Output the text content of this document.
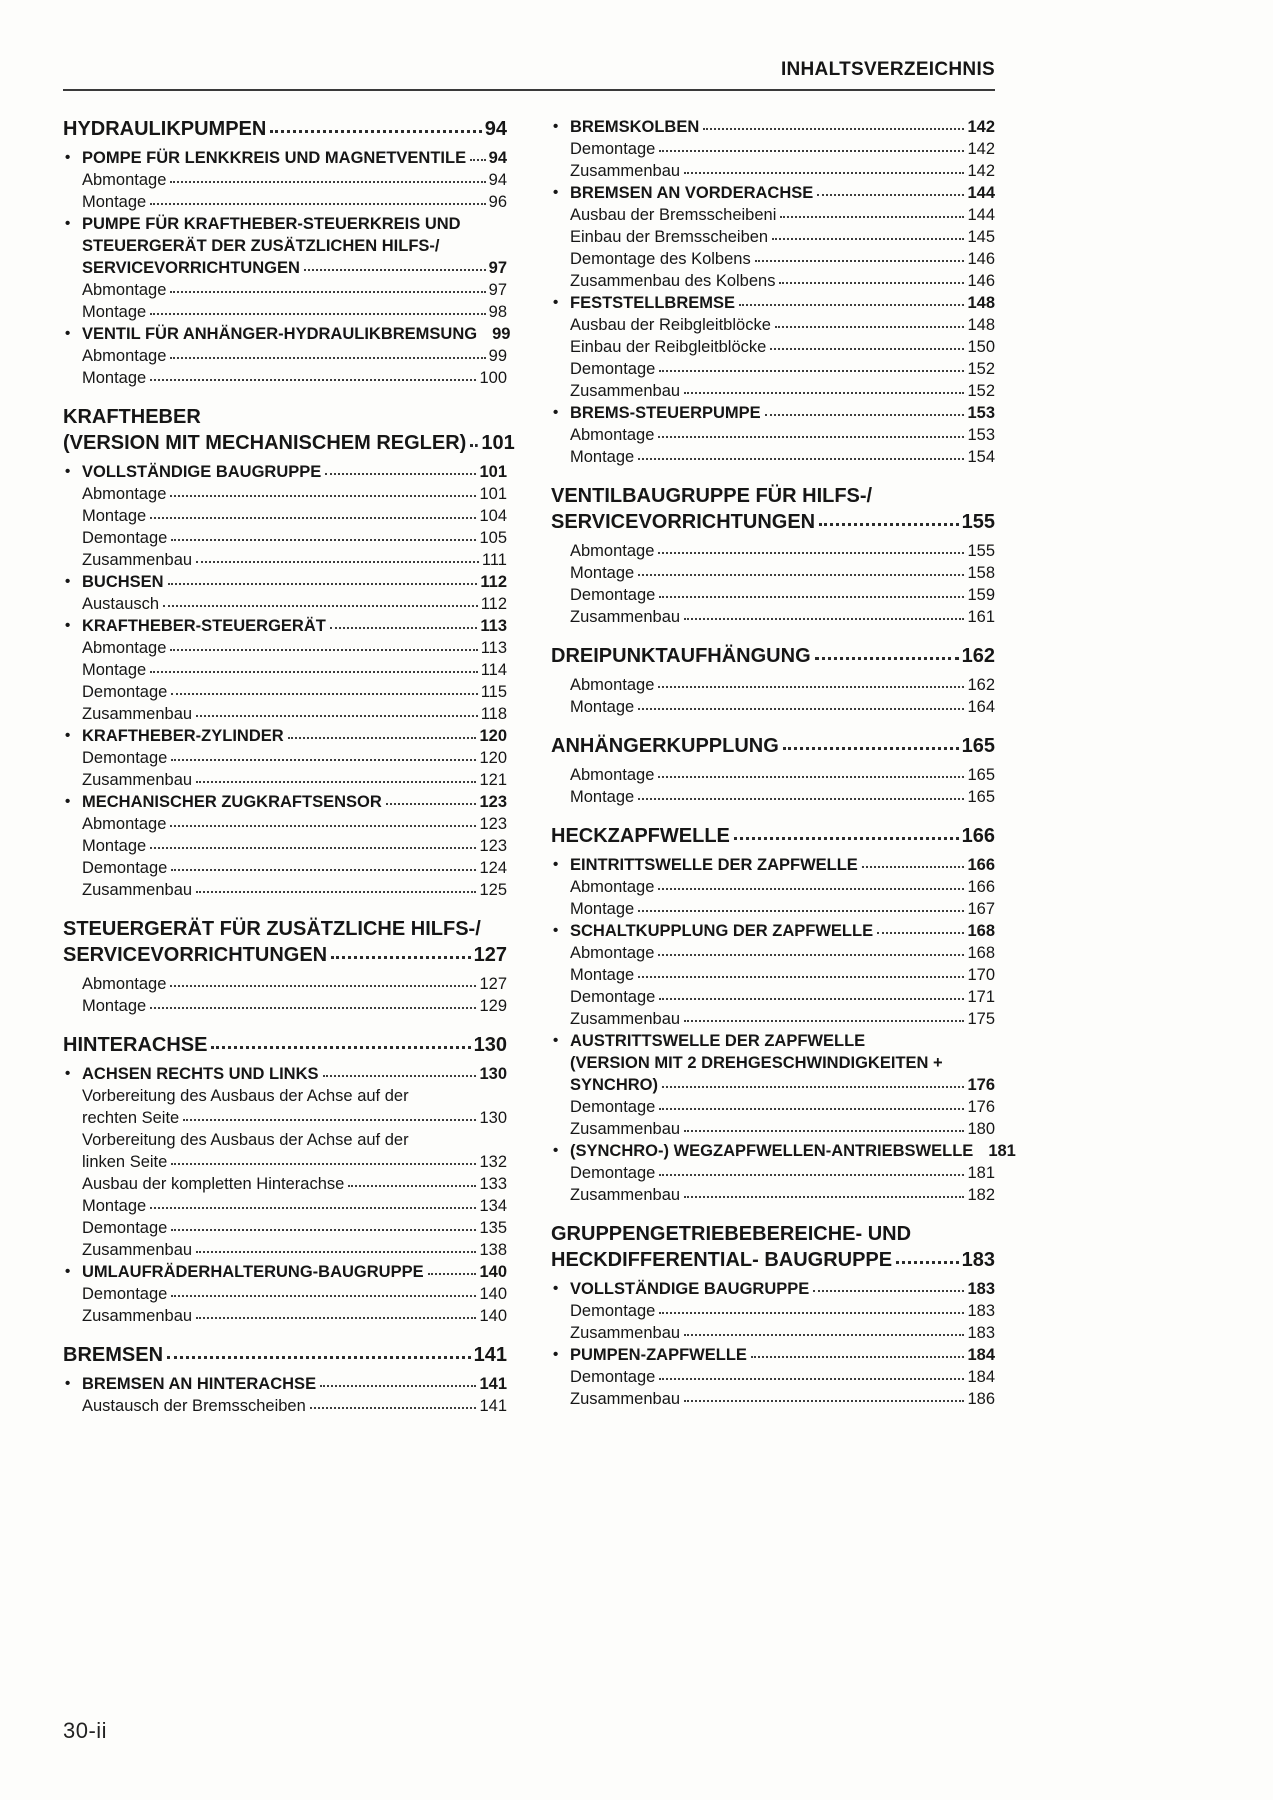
INHALTSVERZEICHNIS
HYDRAULIKPUMPEN	94
• POMPE FÜR LENKKREIS UND MAGNETVENTILE 94
Abmontage	94
Montage	96
• PUMPE FÜR KRAFTHEBER-STEUERKREIS UND
STEUERGERÄT DER ZUSÄTZLICHEN HILFS-/
SERVICEVORRICHTUNGEN	97
Abmontage	97
Montage	98
• VENTIL FÜR ANHÄNGER-HYDRAULIKBREMSUNG 99
Abmontage	99
Montage	100
KRAFTHEBER
(VERSION MIT MECHANISCHEM REGLER) 101
• VOLLSTÄNDIGE BAUGRUPPE	101
Abmontage	101
Montage	104
Demontage	105
Zusammenbau	111
• BUCHSEN	112
Austausch	112
• KRAFTHEBER-STEUERGERÄT	113
Abmontage	113
Montage	114
Demontage	115
Zusammenbau	118
• KRAFTHEBER-ZYLINDER	120
Demontage	120
Zusammenbau	121
• MECHANISCHER ZUGKRAFTSENSOR	123
Abmontage	123
Montage	123
Demontage	124
Zusammenbau	125
STEUERGERÄT FÜR ZUSÄTZLICHE HILFS-/
SERVICEVORRICHTUNGEN	127
Abmontage	127
Montage	129
HINTERACHSE	130
• ACHSEN RECHTS UND LINKS	130
Vorbereitung des Ausbaus der Achse auf der
rechten Seite	130
Vorbereitung des Ausbaus der Achse auf der
linken Seite	132
Ausbau der kompletten Hinterachse	133
Montage	134
Demontage	135
Zusammenbau	138
• UMLAUFRÄDERHALTERUNG-BAUGRUPPE	140
Demontage	140
Zusammenbau	140
BREMSEN	141
• BREMSEN AN HINTERACHSE	141
Austausch der Bremsscheiben	141
• BREMSKOLBEN	142
Demontage	142
Zusammenbau	142
• BREMSEN AN VORDERACHSE	144
Ausbau der Bremsscheibeni	144
Einbau der Bremsscheiben	145
Demontage des Kolbens	146
Zusammenbau des Kolbens	146
• FESTSTELLBREMSE	148
Ausbau der Reibgleitblöcke	148
Einbau der Reibgleitblöcke	150
Demontage	152
Zusammenbau	152
• BREMS-STEUERPUMPE	153
Abmontage	153
Montage	154
VENTILBAUGRUPPE FÜR HILFS-/
SERVICEVORRICHTUNGEN	155
Abmontage	155
Montage	158
Demontage	159
Zusammenbau	161
DREIPUNKTAUFHÄNGUNG	162
Abmontage	162
Montage	164
ANHÄNGERKUPPLUNG	165
Abmontage	165
Montage	165
HECKZAPFWELLE	166
• EINTRITTSWELLE DER ZAPFWELLE	166
Abmontage	166
Montage	167
• SCHALTKUPPLUNG DER ZAPFWELLE	168
Abmontage	168
Montage	170
Demontage	171
Zusammenbau	175
• AUSTRITTSWELLE DER ZAPFWELLE
(VERSION MIT 2 DREHGESCHWINDIGKEITEN +
SYNCHRO)	176
Demontage	176
Zusammenbau	180
• (SYNCHRO-) WEGZAPFWELLEN-ANTRIEBSWELLE 181
Demontage	181
Zusammenbau	182
GRUPPENGETRIEBEBEREICHE- UND
HECKDIFFERENTIAL- BAUGRUPPE	183
• VOLLSTÄNDIGE BAUGRUPPE	183
Demontage	183
Zusammenbau	183
• PUMPEN-ZAPFWELLE	184
Demontage	184
Zusammenbau	186
30-ii
